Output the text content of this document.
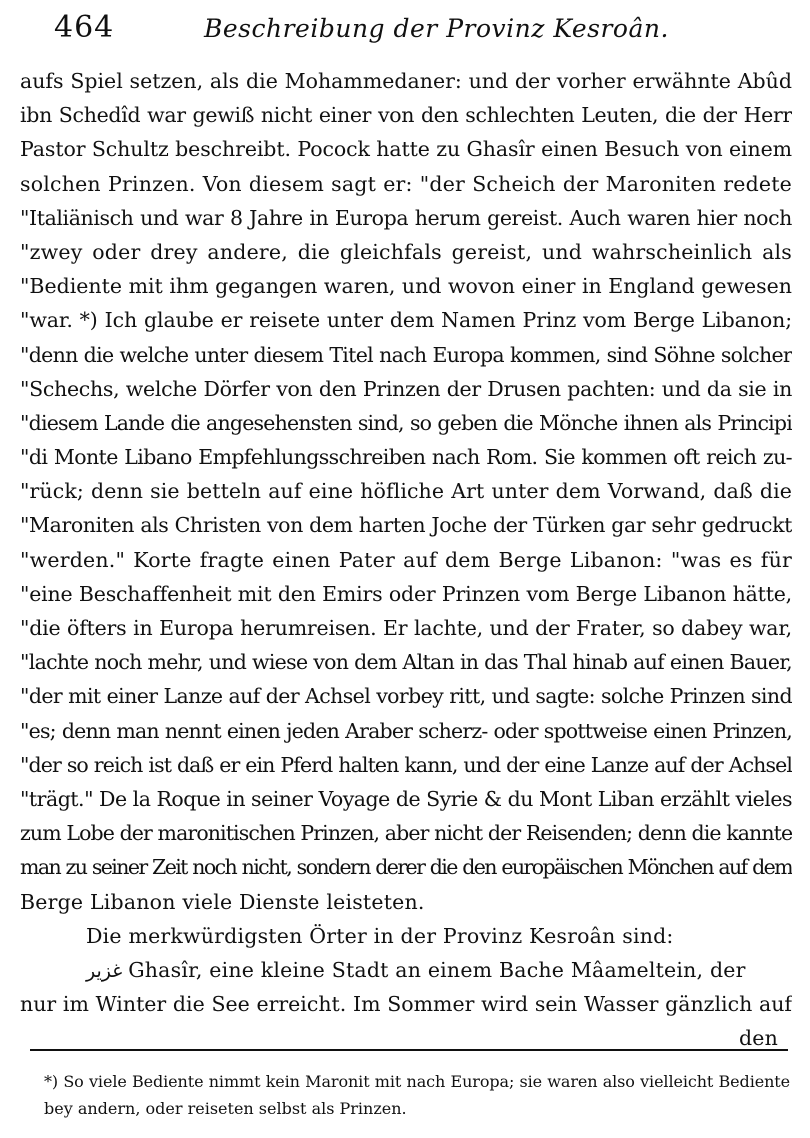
464	Beschreibung der Provinz Kesroân.
aufs Spiel setzen, als die Mohammedaner: und der vorher erwähnte Abûd
ibn Schedîd war gewiß nicht einer von den schlechten Leuten, die der Herr
Pastor Schultz beschreibt. Pocock hatte zu Ghasîr einen Besuch von einem
solchen Prinzen. Von diesem sagt er: "der Scheich der Maroniten redete
"Italiänisch und war 8 Jahre in Europa herum gereist. Auch waren hier noch
"zwey oder drey andere, die gleichfals gereist, und wahrscheinlich als
"Bediente mit ihm gegangen waren, und wovon einer in England gewesen
"war. *) Ich glaube er reisete unter dem Namen Prinz vom Berge Libanon;
"denn die welche unter diesem Titel nach Europa kommen, sind Söhne solcher
"Schechs, welche Dörfer von den Prinzen der Drusen pachten: und da sie in
"diesem Lande die angesehensten sind, so geben die Mönche ihnen als Principi
"di Monte Libano Empfehlungsschreiben nach Rom. Sie kommen oft reich zu-
"rück; denn sie betteln auf eine höfliche Art unter dem Vorwand, daß die
"Maroniten als Christen von dem harten Joche der Türken gar sehr gedruckt
"werden." Korte fragte einen Pater auf dem Berge Libanon: "was es für
"eine Beschaffenheit mit den Emirs oder Prinzen vom Berge Libanon hätte,
"die öfters in Europa herumreisen. Er lachte, und der Frater, so dabey war,
"lachte noch mehr, und wiese von dem Altan in das Thal hinab auf einen Bauer,
"der mit einer Lanze auf der Achsel vorbey ritt, und sagte: solche Prinzen sind
"es; denn man nennt einen jeden Araber scherz- oder spottweise einen Prinzen,
"der so reich ist daß er ein Pferd halten kann, und der eine Lanze auf der Achsel
"trägt." De la Roque in seiner Voyage de Syrie & du Mont Liban erzählt vieles
zum Lobe der maronitischen Prinzen, aber nicht der Reisenden; denn die kannte
man zu seiner Zeit noch nicht, sondern derer die den europäischen Mönchen auf dem
Berge Libanon viele Dienste leisteten.
Die merkwürdigsten Örter in der Provinz Kesroân sind:
غزير Ghasîr, eine kleine Stadt an einem Bache Mâameltein, der
nur im Winter die See erreicht. Im Sommer wird sein Wasser gänzlich auf
den
*) So viele Bediente nimmt kein Maronit mit nach Europa; sie waren also vielleicht Bediente
bey andern, oder reiseten selbst als Prinzen.
